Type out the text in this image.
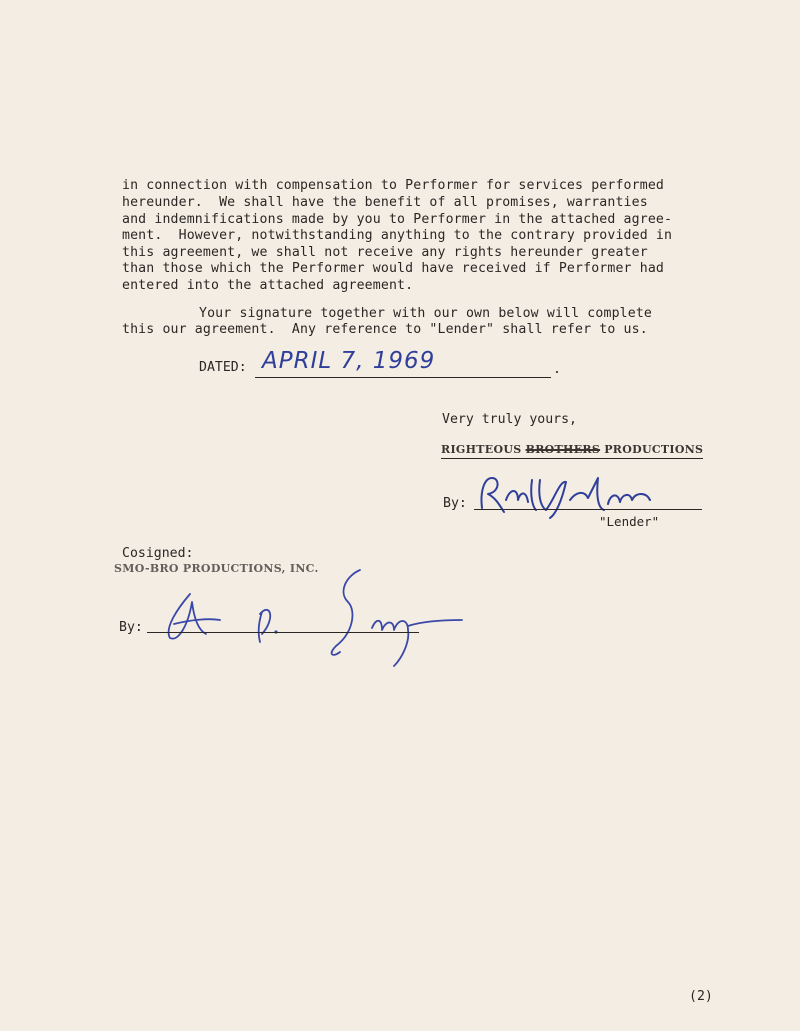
in connection with compensation to Performer for services performed
hereunder.  We shall have the benefit of all promises, warranties
and indemnifications made by you to Performer in the attached agree-
ment.  However, notwithstanding anything to the contrary provided in
this agreement, we shall not receive any rights hereunder greater
than those which the Performer would have received if Performer had
entered into the attached agreement.
Your signature together with our own below will complete
this our agreement.  Any reference to "Lender" shall refer to us.
DATED: APRIL 7, 1969	.
Very truly yours,
RIGHTEOUS BROTHERS PRODUCTIONS
By:
"Lender"
Cosigned:
SMO-BRO PRODUCTIONS, INC.
By:
(2)
